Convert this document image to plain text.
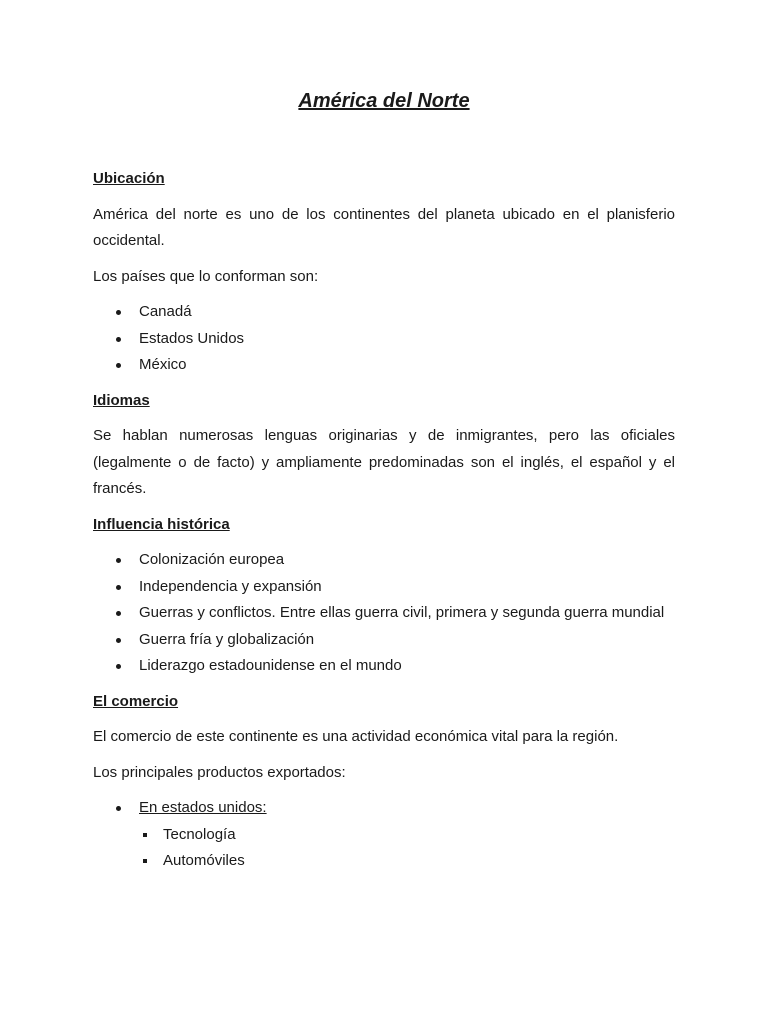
América del Norte
Ubicación

América del norte es uno de los continentes del planeta ubicado en el planisferio occidental.

Los países que lo conforman son:

Canadá
Estados Unidos
México
Idiomas

Se hablan numerosas lenguas originarias y de inmigrantes, pero las oficiales (legalmente o de facto) y ampliamente predominadas son el inglés, el español y el francés.

Influencia histórica
Colonización europea
Independencia y expansión
Guerras y conflictos. Entre ellas guerra civil, primera y segunda guerra mundial
Guerra fría y globalización
Liderazgo estadounidense en el mundo
El comercio

El comercio de este continente es una actividad económica vital para la región.

Los principales productos exportados:

En estados unidos:
Tecnología
Automóviles
